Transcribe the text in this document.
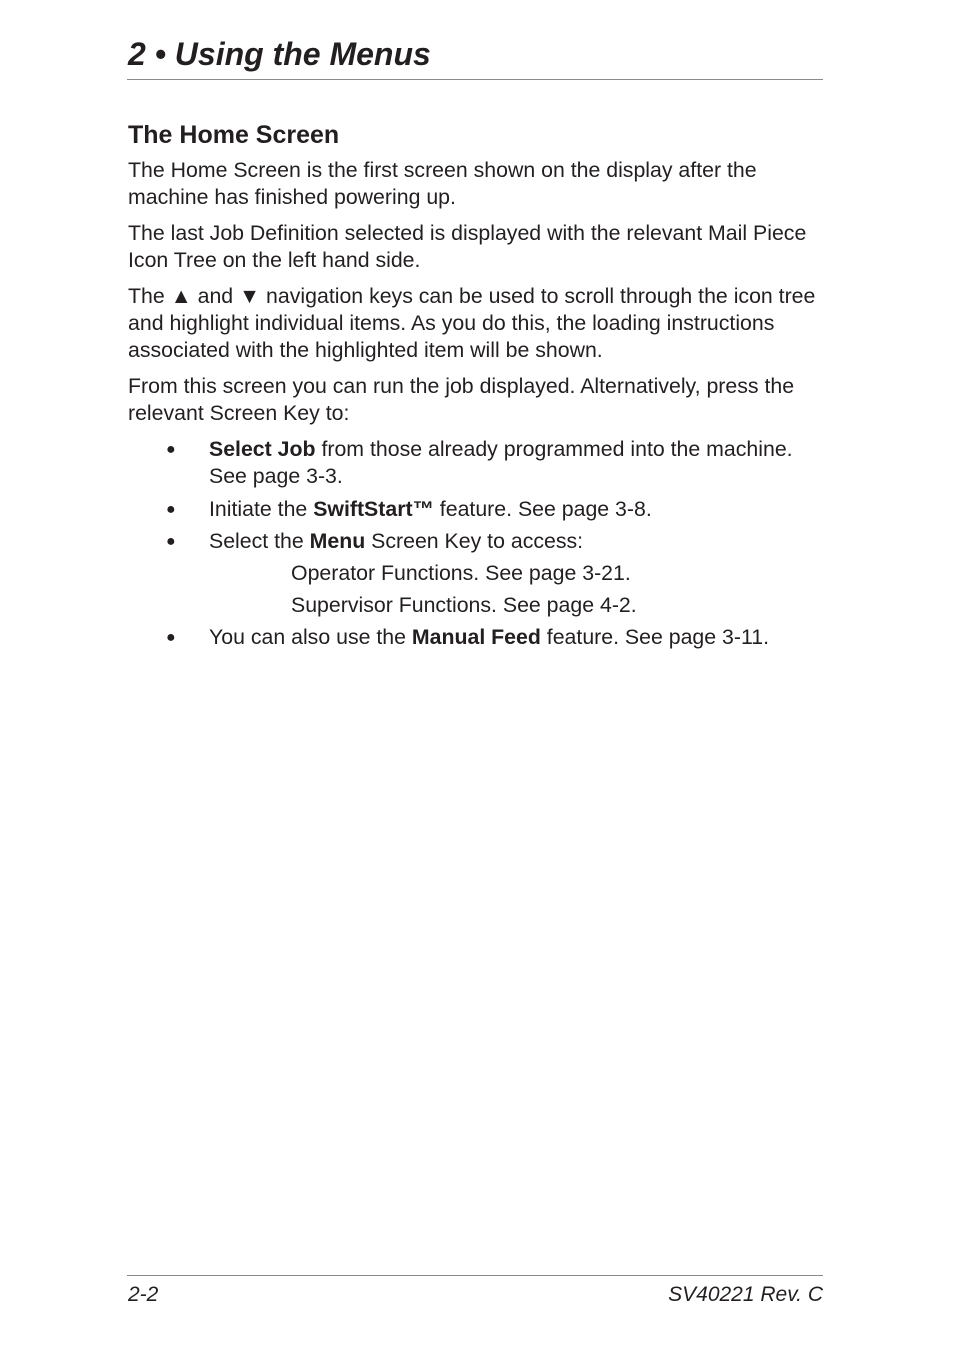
2 • Using the Menus
The Home Screen

The Home Screen is the first screen shown on the display after the machine has finished powering up.

The last Job Definition selected is displayed with the relevant Mail Piece Icon Tree on the left hand side.

The ▲ and ▼ navigation keys can be used to scroll through the icon tree and highlight individual items. As you do this, the loading instructions associated with the highlighted item will be shown.

From this screen you can run the job displayed. Alternatively, press the relevant Screen Key to:

●	Select Job from those already programmed into the machine. See page 3-3.
●	Initiate the SwiftStart™ feature. See page 3-8.
●	Select the Menu Screen Key to access:
Operator Functions. See page 3-21.
Supervisor Functions. See page 4-2.
●	You can also use the Manual Feed feature. See page 3-11.
2-2	SV40221 Rev. C
